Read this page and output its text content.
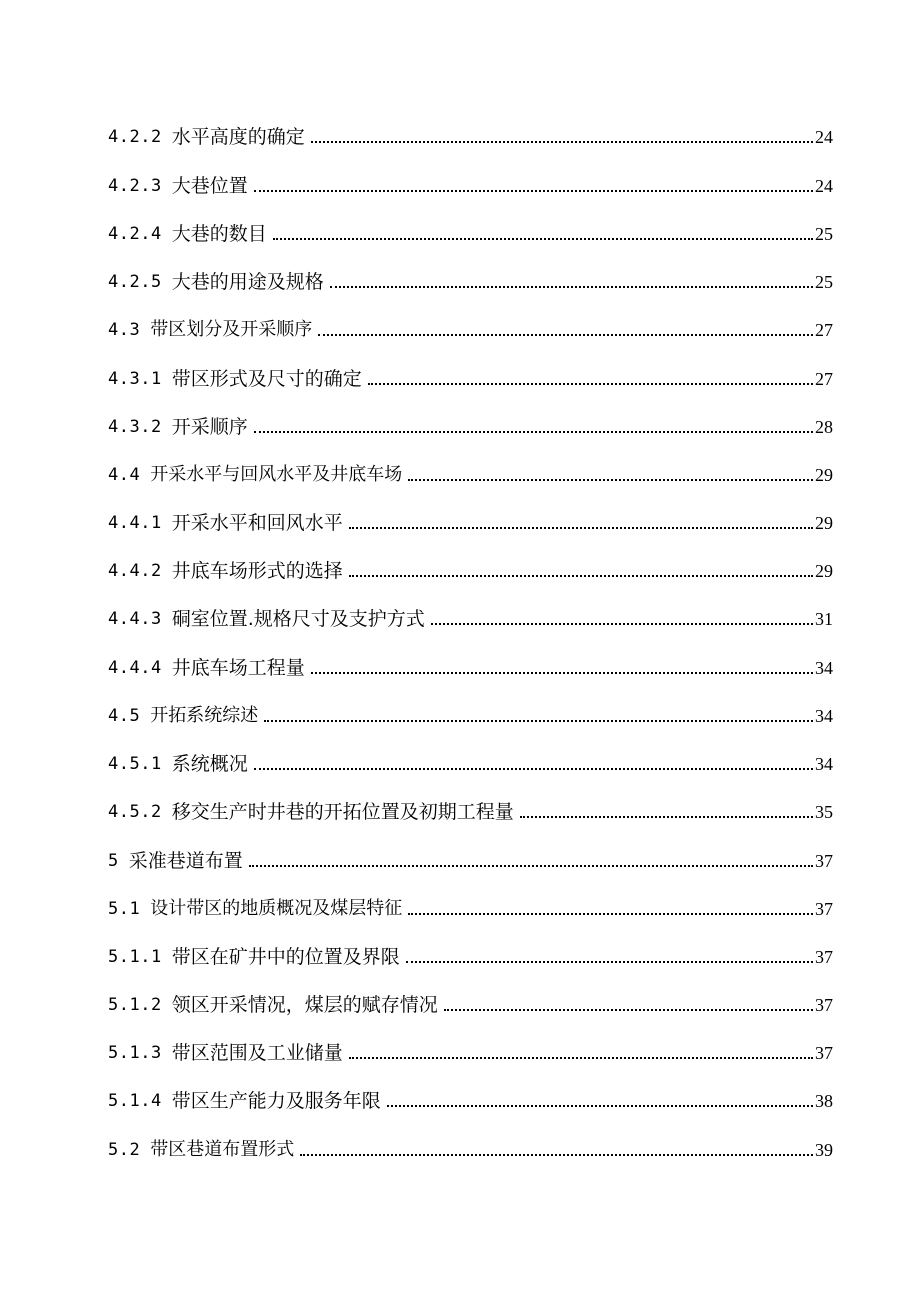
4.2.2 水平高度的确定	24
4.2.3 大巷位置	24
4.2.4 大巷的数目	25
4.2.5 大巷的用途及规格	25
4.3 带区划分及开采顺序	27
4.3.1 带区形式及尺寸的确定	27
4.3.2 开采顺序	28
4.4 开采水平与回风水平及井底车场	29
4.4.1 开采水平和回风水平	29
4.4.2 井底车场形式的选择	29
4.4.3 硐室位置.规格尺寸及支护方式	31
4.4.4 井底车场工程量	34
4.5 开拓系统综述	34
4.5.1 系统概况	34
4.5.2 移交生产时井巷的开拓位置及初期工程量	35
5 采准巷道布置	37
5.1 设计带区的地质概况及煤层特征	37
5.1.1 带区在矿井中的位置及界限	37
5.1.2 领区开采情况，煤层的赋存情况	37
5.1.3 带区范围及工业储量	37
5.1.4 带区生产能力及服务年限	38
5.2 带区巷道布置形式	39
